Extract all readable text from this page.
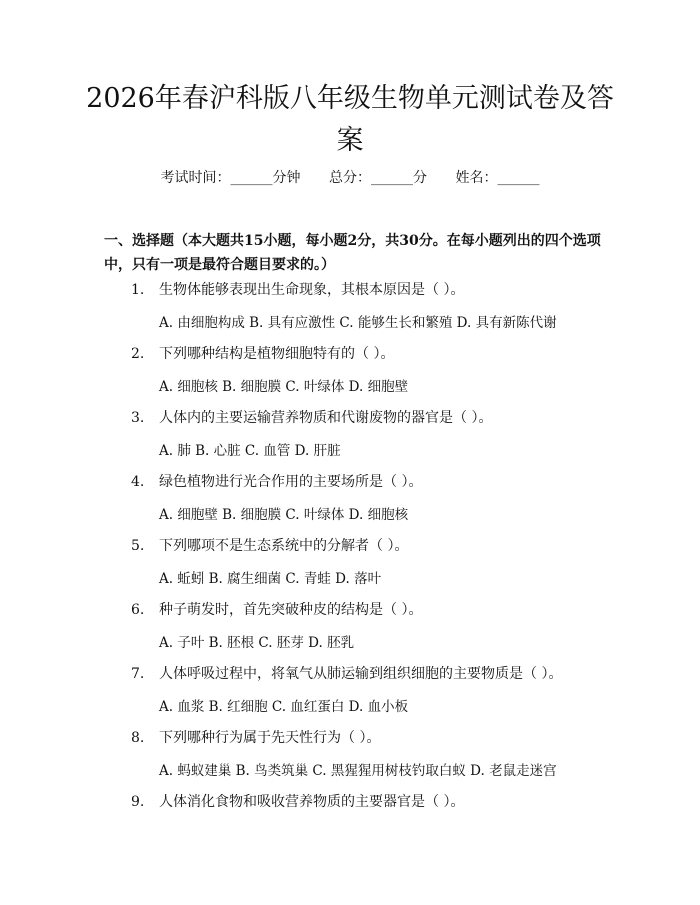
2026年春沪科版八年级生物单元测试卷及答案
考试时间：______分钟 总分：______分 姓名：______

一、选择题（本大题共15小题，每小题2分，共30分。在每小题列出的四个选项中，只有一项是最符合题目要求的。）

1. 生物体能够表现出生命现象，其根本原因是（ ）。
A. 由细胞构成 B. 具有应激性 C. 能够生长和繁殖 D. 具有新陈代谢
2. 下列哪种结构是植物细胞特有的（ ）。
A. 细胞核 B. 细胞膜 C. 叶绿体 D. 细胞壁
3. 人体内的主要运输营养物质和代谢废物的器官是（ ）。
A. 肺 B. 心脏 C. 血管 D. 肝脏
4. 绿色植物进行光合作用的主要场所是（ ）。
A. 细胞壁 B. 细胞膜 C. 叶绿体 D. 细胞核
5. 下列哪项不是生态系统中的分解者（ ）。
A. 蚯蚓 B. 腐生细菌 C. 青蛙 D. 落叶
6. 种子萌发时，首先突破种皮的结构是（ ）。
A. 子叶 B. 胚根 C. 胚芽 D. 胚乳
7. 人体呼吸过程中，将氧气从肺运输到组织细胞的主要物质是（ ）。
A. 血浆 B. 红细胞 C. 血红蛋白 D. 血小板
8. 下列哪种行为属于先天性行为（ ）。
A. 蚂蚁建巢 B. 鸟类筑巢 C. 黑猩猩用树枝钓取白蚁 D. 老鼠走迷宫
9. 人体消化食物和吸收营养物质的主要器官是（ ）。
